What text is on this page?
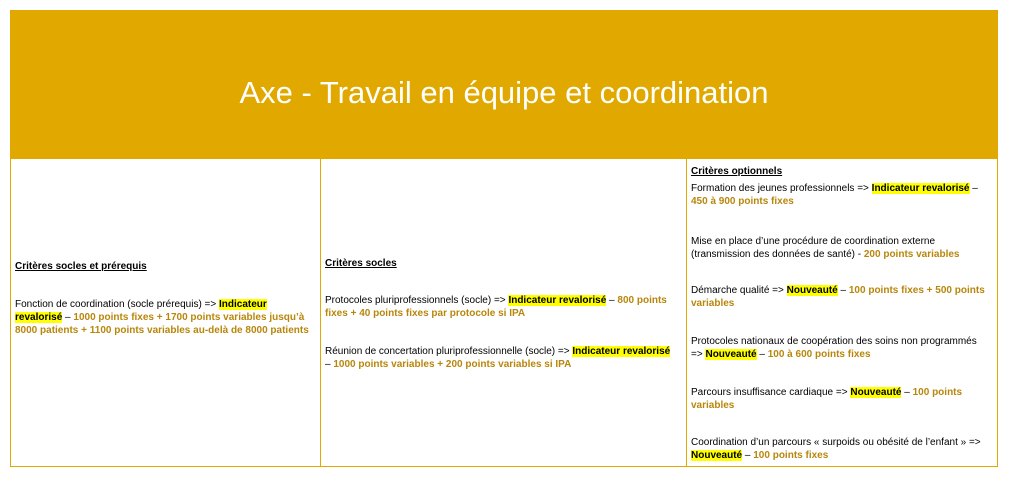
Axe - Travail en équipe et coordination
Critères socles et prérequis
Fonction de coordination (socle prérequis) => Indicateur revalorisé – 1000 points fixes + 1700 points variables jusqu’à 8000 patients + 1100 points variables au-delà de 8000 patients
Critères socles
Protocoles pluriprofessionnels (socle) => Indicateur revalorisé – 800 points fixes + 40 points fixes par protocole si IPA
Réunion de concertation pluriprofessionnelle (socle) => Indicateur revalorisé – 1000 points variables + 200 points variables si IPA
Critères optionnels
Formation des jeunes professionnels => Indicateur revalorisé – 450 à 900 points fixes
Mise en place d’une procédure de coordination externe (transmission des données de santé) - 200 points variables
Démarche qualité => Nouveauté – 100 points fixes + 500 points variables
Protocoles nationaux de coopération des soins non programmés => Nouveauté – 100 à 600 points fixes
Parcours insuffisance cardiaque => Nouveauté – 100 points variables
Coordination d’un parcours « surpoids ou obésité de l’enfant » => Nouveauté – 100 points fixes
